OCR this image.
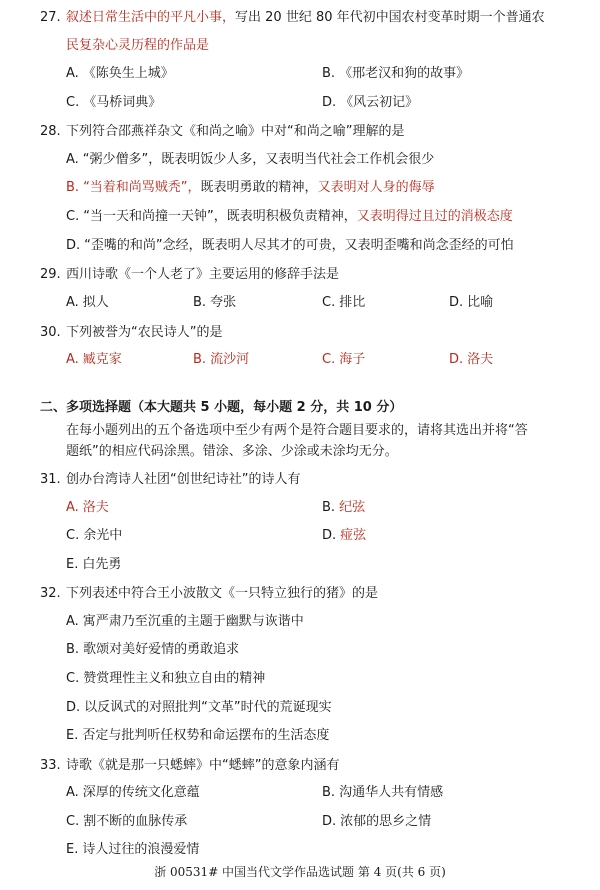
27. 叙述日常生活中的平凡小事，写出 20 世纪 80 年代初中国农村变革时期一个普通农
民复杂心灵历程的作品是
A. 《陈奂生上城》	B. 《邢老汉和狗的故事》
C. 《马桥词典》	D. 《风云初记》
28. 下列符合邵燕祥杂文《和尚之喻》中对“和尚之喻”理解的是
A. “粥少僧多”，既表明饭少人多，又表明当代社会工作机会很少
B. “当着和尚骂贼秃”，既表明勇敢的精神，又表明对人身的侮辱
C. “当一天和尚撞一天钟”，既表明积极负责精神，又表明得过且过的消极态度
D. “歪嘴的和尚”念经，既表明人尽其才的可贵，又表明歪嘴和尚念歪经的可怕
29. 西川诗歌《一个人老了》主要运用的修辞手法是
A. 拟人	B. 夸张	C. 排比	D. 比喻
30. 下列被誉为“农民诗人”的是
A. 臧克家	B. 流沙河	C. 海子	D. 洛夫
二、多项选择题（本大题共 5 小题，每小题 2 分，共 10 分）
在每小题列出的五个备选项中至少有两个是符合题目要求的，请将其选出并将“答
题纸”的相应代码涂黑。错涂、多涂、少涂或未涂均无分。
31. 创办台湾诗人社团“创世纪诗社”的诗人有
A. 洛夫	B. 纪弦
C. 余光中	D. 痖弦
E. 白先勇
32. 下列表述中符合王小波散文《一只特立独行的猪》的是
A. 寓严肃乃至沉重的主题于幽默与诙谐中
B. 歌颂对美好爱情的勇敢追求
C. 赞赏理性主义和独立自由的精神
D. 以反讽式的对照批判“文革”时代的荒诞现实
E. 否定与批判听任权势和命运摆布的生活态度
33. 诗歌《就是那一只蟋蟀》中“蟋蟀”的意象内涵有
A. 深厚的传统文化意蕴	B. 沟通华人共有情感
C. 割不断的血脉传承	D. 浓郁的思乡之情
E. 诗人过往的浪漫爱情
浙 00531# 中国当代文学作品选试题 第 4 页(共 6 页)
